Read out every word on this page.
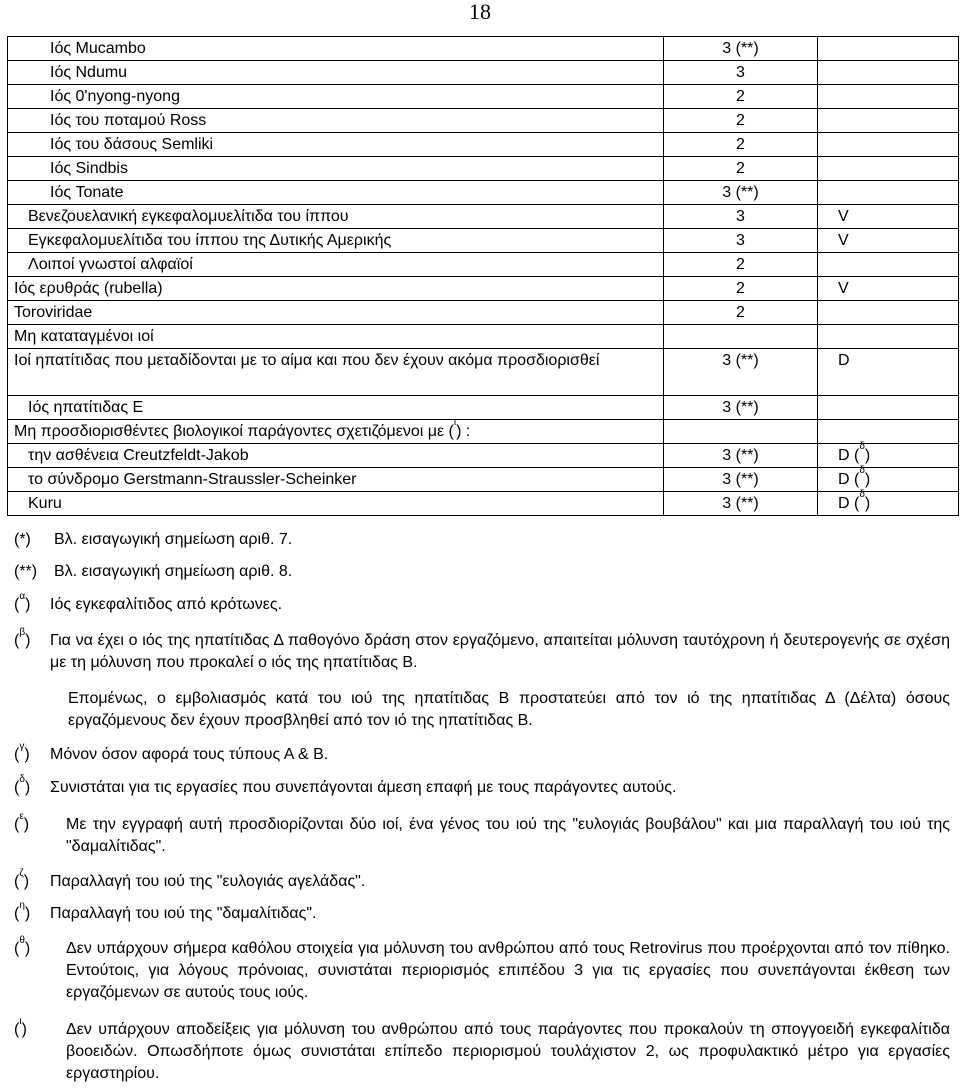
18
Ιός Mucambo	3 (**)	
Ιός Ndumu	3	
Ιός 0'nyong-nyong	2	
Ιός του ποταμού Ross	2	
Ιός του δάσους Semliki	2	
Ιός Sindbis	2	
Ιός Tonate	3 (**)	
Βενεζουελανική εγκεφαλομυελίτιδα του ίππου	3	V
Εγκεφαλομυελίτιδα του ίππου της Δυτικής Αμερικής	3	V
Λοιποί γνωστοί αλφαϊοί	2	
Ιός ερυθράς (rubella)	2	V
Toroviridae	2	
Μη καταταγμένοι ιοί		
Ιοί ηπατίτιδας που μεταδίδονται με το αίμα και που δεν έχουν ακόμα προσδιορισθεί	3 (**)	D
Ιός ηπατίτιδας Ε	3 (**)	
Μη προσδιορισθέντες βιολογικοί παράγοντες σχετιζόμενοι με ($^\iota$) :		
την ασθένεια Creutzfeldt-Jakob	3 (**)	D ($^\delta$)
το σύνδρομο Gerstmann-Straussler-Scheinker	3 (**)	D ($^\delta$)
Kuru	3 (**)	D ($^\delta$)
(*) Βλ. εισαγωγική σημείωση αριθ. 7.
(**) Βλ. εισαγωγική σημείωση αριθ. 8.
($^\alpha$) Ιός εγκεφαλίτιδος από κρότωνες.
($^\beta$) Για να έχει ο ιός της ηπατίτιδας Δ παθογόνο δράση στον εργαζόμενο, απαιτείται μόλυνση ταυτόχρονη ή δευτερογενής σε σχέση με τη μόλυνση που προκαλεί ο ιός της ηπατίτιδας Β.
Επομένως, ο εμβολιασμός κατά του ιού της ηπατίτιδας Β προστατεύει από τον ιό της ηπατίτιδας Δ (Δέλτα) όσους εργαζόμενους δεν έχουν προσβληθεί από τον ιό της ηπατίτιδας Β.
($^\gamma$) Μόνον όσον αφορά τους τύπους Α & Β.
($^\delta$) Συνιστάται για τις εργασίες που συνεπάγονται άμεση επαφή με τους παράγοντες αυτούς.
($^\varepsilon$) Με την εγγραφή αυτή προσδιορίζονται δύο ιοί, ένα γένος του ιού της "ευλογιάς βουβάλου" και μια παραλλαγή του ιού της "δαμαλίτιδας".
($^\zeta$) Παραλλαγή του ιού της "ευλογιάς αγελάδας".
($^\eta$) Παραλλαγή του ιού της "δαμαλίτιδας".
($^\theta$) Δεν υπάρχουν σήμερα καθόλου στοιχεία για μόλυνση του ανθρώπου από τους Retrovirus που προέρχονται από τον πίθηκο. Εντούτοις, για λόγους πρόνοιας, συνιστάται περιορισμός επιπέδου 3 για τις εργασίες που συνεπάγονται έκθεση των εργαζόμενων σε αυτούς τους ιούς.
($^\iota$) Δεν υπάρχουν αποδείξεις για μόλυνση του ανθρώπου από τους παράγοντες που προκαλούν τη σπογγοειδή εγκεφαλίτιδα βοοειδών. Οπωσδήποτε όμως συνιστάται επίπεδο περιορισμού τουλάχιστον 2, ως προφυλακτικό μέτρο για εργασίες εργαστηρίου.
